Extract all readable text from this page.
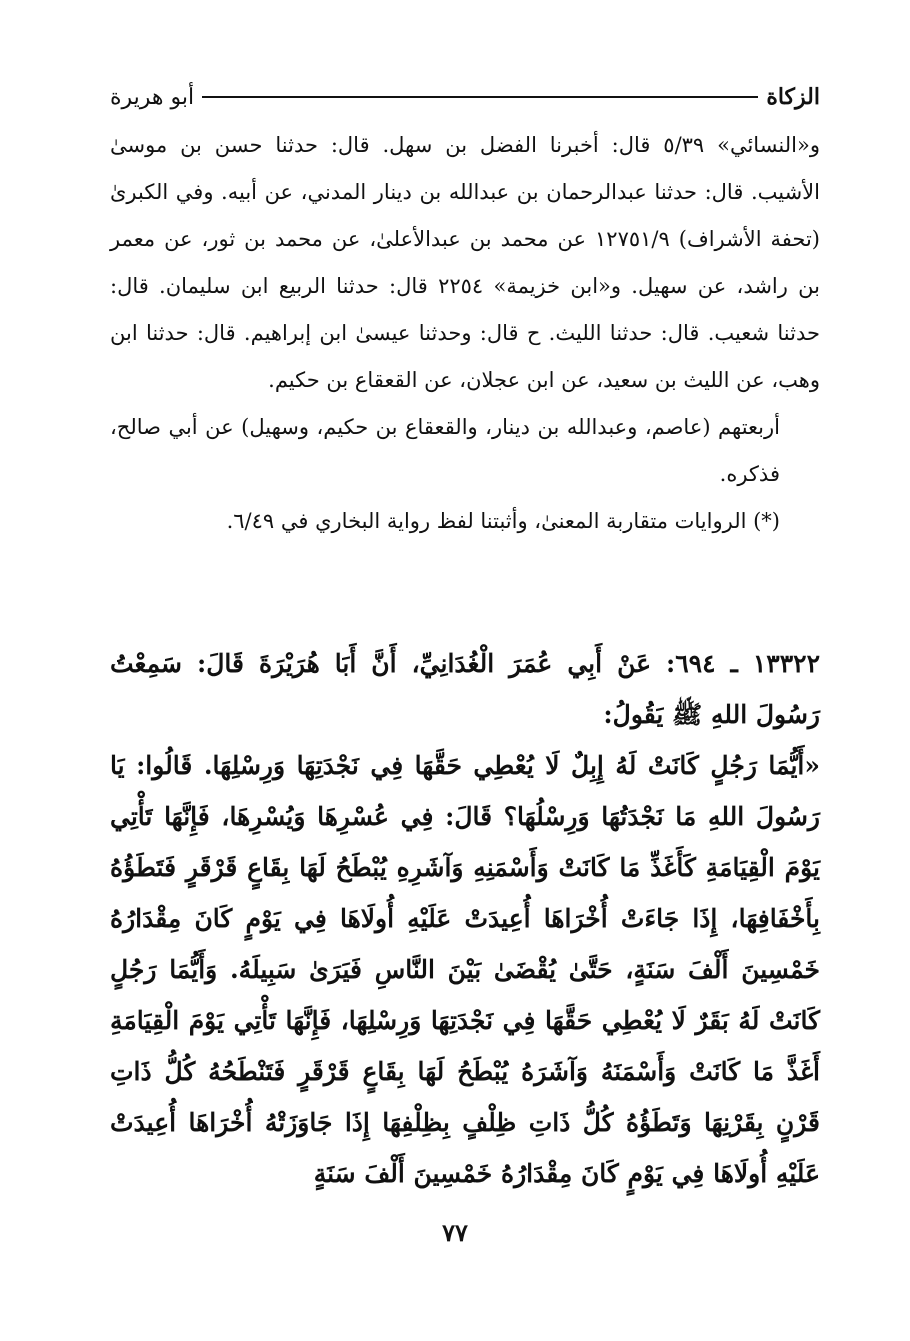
الزكاة
أبو هريرة

و«النسائي» ٥/٣٩ قال: أخبرنا الفضل بن سهل. قال: حدثنا حسن بن موسىٰ الأشيب. قال: حدثنا عبدالرحمان بن عبدالله بن دينار المدني، عن أبيه. وفي الكبرىٰ (تحفة الأشراف) ١٢٧٥١/٩ عن محمد بن عبدالأعلىٰ، عن محمد بن ثور، عن معمر بن راشد، عن سهيل. و«ابن خزيمة» ٢٢٥٤ قال: حدثنا الربيع ابن سليمان. قال: حدثنا شعيب. قال: حدثنا الليث. ح قال: وحدثنا عيسىٰ ابن إبراهيم. قال: حدثنا ابن وهب، عن الليث بن سعيد، عن ابن عجلان، عن القعقاع بن حكيم.

أربعتهم (عاصم، وعبدالله بن دينار، والقعقاع بن حكيم، وسهيل) عن أبي صالح، فذكره.

(*) الروايات متقاربة المعنىٰ، وأثبتنا لفظ رواية البخاري في ٦/٤٩.

١٣٣٢٢ ـ ٦٩٤: عَنْ أَبِي عُمَرَ الْغُدَانِيِّ، أَنَّ أَبَا هُرَيْرَةَ قَالَ: سَمِعْتُ رَسُولَ اللهِ ﷺ يَقُولُ:

«أَيُّمَا رَجُلٍ كَانَتْ لَهُ إِبِلٌ لَا يُعْطِي حَقَّهَا فِي نَجْدَتِهَا وَرِسْلِهَا. قَالُوا: يَا رَسُولَ اللهِ مَا نَجْدَتُهَا وَرِسْلُهَا؟ قَالَ: فِي عُسْرِهَا وَيُسْرِهَا، فَإِنَّهَا تَأْتِي يَوْمَ الْقِيَامَةِ كَأَغَذِّ مَا كَانَتْ وَأَسْمَنِهِ وَآشَرِهِ يُبْطَحُ لَهَا بِقَاعٍ قَرْقَرٍ فَتَطَؤُهُ بِأَخْفَافِهَا، إِذَا جَاءَتْ أُخْرَاهَا أُعِيدَتْ عَلَيْهِ أُولَاهَا فِي يَوْمٍ كَانَ مِقْدَارُهُ خَمْسِينَ أَلْفَ سَنَةٍ، حَتَّىٰ يُقْضَىٰ بَيْنَ النَّاسِ فَيَرَىٰ سَبِيلَهُ. وَأَيُّمَا رَجُلٍ كَانَتْ لَهُ بَقَرٌ لَا يُعْطِي حَقَّهَا فِي نَجْدَتِهَا وَرِسْلِهَا، فَإِنَّهَا تَأْتِي يَوْمَ الْقِيَامَةِ أَغَذَّ مَا كَانَتْ وَأَسْمَنَهُ وَآشَرَهُ يُبْطَحُ لَهَا بِقَاعٍ قَرْقَرٍ فَتَنْطَحُهُ كُلُّ ذَاتِ قَرْنٍ بِقَرْنِهَا وَتَطَؤُهُ كُلُّ ذَاتِ ظِلْفٍ بِظِلْفِهَا إِذَا جَاوَزَتْهُ أُخْرَاهَا أُعِيدَتْ عَلَيْهِ أُولَاهَا فِي يَوْمٍ كَانَ مِقْدَارُهُ خَمْسِينَ أَلْفَ سَنَةٍ

٧٧
